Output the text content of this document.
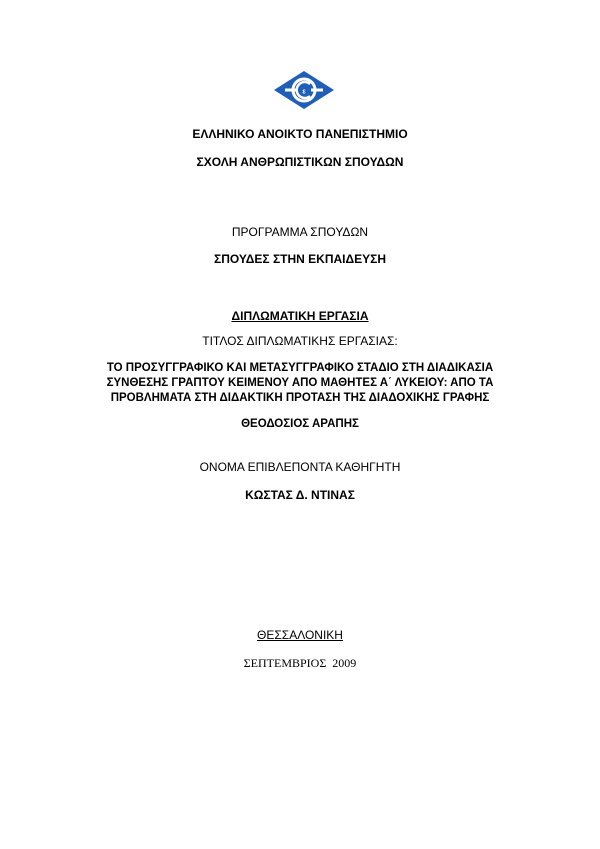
ε
ΕΛΛΗΝΙΚΟ ΑΝΟΙΚΤΟ ΠΑΝΕΠΙΣΤΗΜΙΟ
ΣΧΟΛΗ ΑΝΘΡΩΠΙΣΤΙΚΩΝ ΣΠΟΥΔΩΝ
ΠΡΟΓΡΑΜΜΑ ΣΠΟΥΔΩΝ
ΣΠΟΥΔΕΣ ΣΤΗΝ ΕΚΠΑΙΔΕΥΣΗ
ΔΙΠΛΩΜΑΤΙΚΗ ΕΡΓΑΣΙΑ
ΤΙΤΛΟΣ ΔΙΠΛΩΜΑΤΙΚΗΣ ΕΡΓΑΣΙΑΣ:
ΤΟ ΠΡΟΣΥΓΓΡΑΦΙΚΟ ΚΑΙ ΜΕΤΑΣΥΓΓΡΑΦΙΚΟ ΣΤΑΔΙΟ ΣΤΗ ΔΙΑΔΙΚΑΣΙΑ
ΣΥΝΘΕΣΗΣ ΓΡΑΠΤΟΥ ΚΕΙΜΕΝΟΥ ΑΠΟ ΜΑΘΗΤΕΣ Α΄ ΛΥΚΕΙΟΥ: ΑΠΟ ΤΑ
ΠΡΟΒΛΗΜΑΤΑ ΣΤΗ ΔΙΔΑΚΤΙΚΗ ΠΡΟΤΑΣΗ ΤΗΣ ΔΙΑΔΟΧΙΚΗΣ ΓΡΑΦΗΣ
ΘΕΟΔΟΣΙΟΣ ΑΡΑΠΗΣ
ΟΝΟΜΑ ΕΠΙΒΛΕΠΟΝΤΑ ΚΑΘΗΓΗΤΗ
ΚΩΣΤΑΣ Δ. ΝΤΙΝΑΣ
ΘΕΣΣΑΛΟΝΙΚΗ
ΣΕΠΤΕΜΒΡΙΟΣ  2009
